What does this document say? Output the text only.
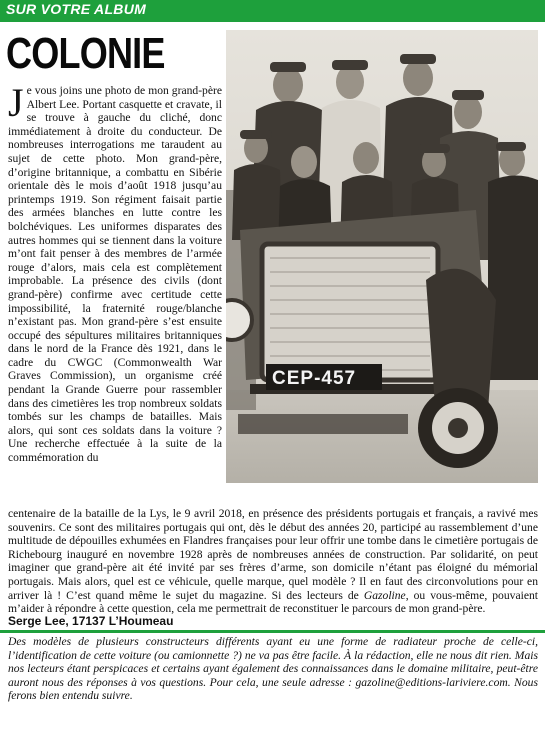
SUR VOTRE ALBUM
COLONIE
Je vous joins une photo de mon grand-père Albert Lee. Portant casquette et cravate, il se trouve à gauche du cliché, donc immédiatement à droite du conducteur. De nombreuses interrogations me taraudent au sujet de cette photo. Mon grand-père, d’origine britannique, a combattu en Sibérie orientale dès le mois d’août 1918 jusqu’au printemps 1919. Son régiment faisait partie des armées blanches en lutte contre les bolchéviques. Les uniformes disparates des autres hommes qui se tiennent dans la voiture m’ont fait penser à des membres de l’armée rouge d’alors, mais cela est complètement improbable. La présence des civils (dont grand-père) confirme avec certitude cette impossibilité, la fraternité rouge/blanche n’existant pas. Mon grand-père s’est ensuite occupé des sépultures militaires britanniques dans le nord de la France dès 1921, dans le cadre du CWGC (Commonwealth War Graves Commission), un organisme créé pendant la Grande Guerre pour rassembler dans des cimetières les trop nombreux soldats tombés sur les champs de batailles. Mais alors, qui sont ces soldats dans la voiture ? Une recherche effectuée à la suite de la commémoration du
CEP-457
centenaire de la bataille de la Lys, le 9 avril 2018, en présence des présidents portugais et français, a ravivé mes souvenirs. Ce sont des militaires portugais qui ont, dès le début des années 20, participé au rassemblement d’une multitude de dépouilles exhumées en Flandres françaises pour leur offrir une tombe dans le cimetière portugais de Richebourg inauguré en novembre 1928 après de nombreuses années de construction. Par solidarité, on peut imaginer que grand-père ait été invité par ses frères d’arme, son domicile n’étant pas éloigné du mémorial portugais. Mais alors, quel est ce véhicule, quelle marque, quel modèle ? Il en faut des circonvolutions pour en arriver là ! C’est quand même le sujet du magazine. Si des lecteurs de Gazoline, ou vous-même, pouvaient m’aider à répondre à cette question, cela me permettrait de reconstituer le parcours de mon grand-père.
Serge Lee, 17137 L’Houmeau
Des modèles de plusieurs constructeurs différents ayant eu une forme de radiateur proche de celle-ci, l’identification de cette voiture (ou camionnette ?) ne va pas être facile. À la rédaction, elle ne nous dit rien. Mais nos lecteurs étant perspicaces et certains ayant également des connaissances dans le domaine militaire, peut-être auront nous des réponses à vos questions. Pour cela, une seule adresse : gazoline@editions-lariviere.com. Nous ferons bien entendu suivre.
